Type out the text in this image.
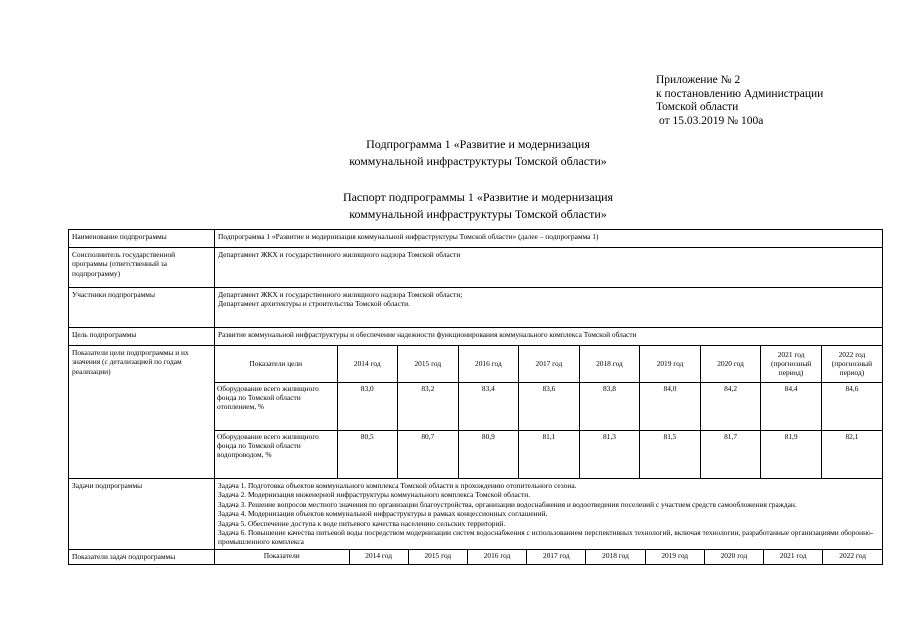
Приложение № 2
к постановлению Администрации
Томской области
от 15.03.2019 № 100а
Подпрограмма 1 «Развитие и модернизация
коммунальной инфраструктуры Томской области»
Паспорт подпрограммы 1 «Развитие и модернизация
коммунальной инфраструктуры Томской области»
Наименование подпрограммы	Подпрограмма 1 «Развитие и модернизация коммунальной инфраструктуры Томской области» (далее – подпрограмма 1)
Соисполнитель государственной программы (ответственный за подпрограмму)	Департамент ЖКХ и государственного жилищного надзора Томской области
Участники подпрограммы	Департамент ЖКХ и государственного жилищного надзора Томской области;
Департамент архитектуры и строительства Томской области.

Цель подпрограммы	Развитие коммунальной инфраструктуры и обеспечение надежности функционирования коммунального комплекса Томской области
Показатели цели подпрограммы и их значения (с детализацией по годам реализации)	
Показатели цели	2014 год	2015 год	2016 год	2017 год	2018 год	2019 год	2020 год	2021 год (прогнозный период)	2022 год (прогнозный период)
Оборудование всего жилищного фонда по Томской области отоплением, %	83,0	83,2	83,4	83,6	83,8	84,0	84,2	84,4	84,6
Оборудование всего жилищного фонда по Томской области водопроводом, %	80,5	80,7	80,9	81,1	81,3	81,5	81,7	81,9	82,1

Задачи подпрограммы	Задача 1. Подготовка объектов коммунального комплекса Томской области к прохождению отопительного сезона.
Задача 2. Модернизация инженерной инфраструктуры коммунального комплекса Томской области.
Задача 3. Решение вопросов местного значения по организации благоустройства, организации водоснабжения и водоотведения поселений с участием средств самообложения граждан.
Задача 4. Модернизация объектов коммунальной инфраструктуры в рамках концессионных соглашений.
Задача 5. Обеспечение доступа к воде питьевого качества населению сельских территорий.
Задача 6. Повышение качества питьевой воды посредством модернизации систем водоснабжения с использованием перспективных технологий, включая технологии, разработанные организациями оборонно-промышленного комплекса

Показатели задач подпрограммы		Показатели	2014 год	2015 год	2016 год	2017 год	2018 год	2019 год	2020 год	2021 год	2022 год
